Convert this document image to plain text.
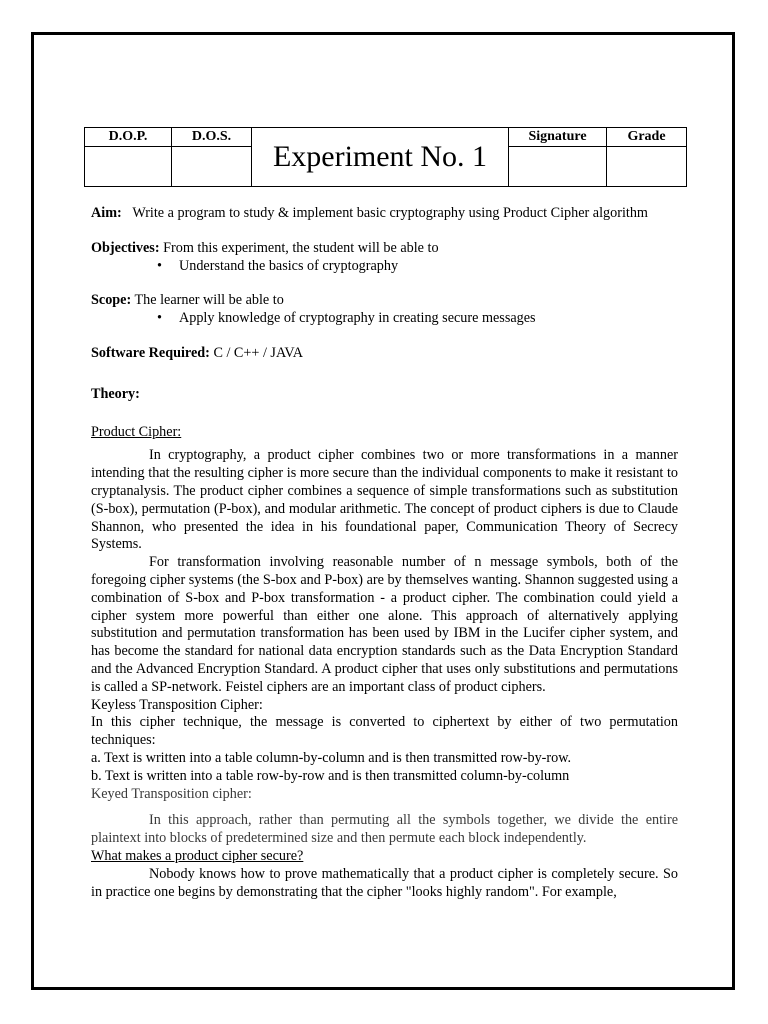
D.O.P.	D.O.S.	Experiment No. 1	Signature	Grade

Aim: Write a program to study & implement basic cryptography using Product Cipher algorithm

Objectives: From this experiment, the student will be able to

• Understand the basics of cryptography

Scope: The learner will be able to

• Apply knowledge of cryptography in creating secure messages

Software Required: C / C++ / JAVA

Theory:

Product Cipher:

In cryptography, a product cipher combines two or more transformations in a manner intending that the resulting cipher is more secure than the individual components to make it resistant to cryptanalysis. The product cipher combines a sequence of simple transformations such as substitution (S-box), permutation (P-box), and modular arithmetic. The concept of product ciphers is due to Claude Shannon, who presented the idea in his foundational paper, Communication Theory of Secrecy Systems.

For transformation involving reasonable number of n message symbols, both of the foregoing cipher systems (the S-box and P-box) are by themselves wanting. Shannon suggested using a combination of S-box and P-box transformation - a product cipher. The combination could yield a cipher system more powerful than either one alone. This approach of alternatively applying substitution and permutation transformation has been used by IBM in the Lucifer cipher system, and has become the standard for national data encryption standards such as the Data Encryption Standard and the Advanced Encryption Standard. A product cipher that uses only substitutions and permutations is called a SP-network. Feistel ciphers are an important class of product ciphers.

Keyless Transposition Cipher:

In this cipher technique, the message is converted to ciphertext by either of two permutation techniques:

a. Text is written into a table column-by-column and is then transmitted row-by-row.

b. Text is written into a table row-by-row and is then transmitted column-by-column

Keyed Transposition cipher:

In this approach, rather than permuting all the symbols together, we divide the entire plaintext into blocks of predetermined size and then permute each block independently.

What makes a product cipher secure?

Nobody knows how to prove mathematically that a product cipher is completely secure. So in practice one begins by demonstrating that the cipher "looks highly random". For example,
